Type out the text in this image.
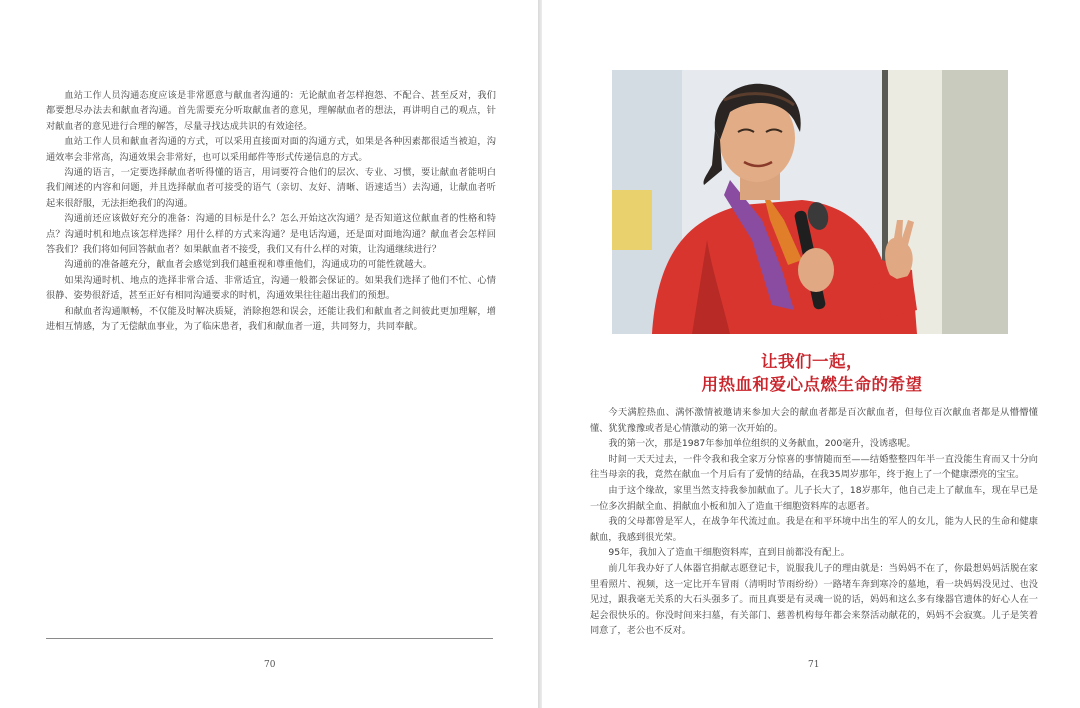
血站工作人员沟通态度应该是非常愿意与献血者沟通的：无论献血者怎样抱怨、不配合、甚至反对，我们都要想尽办法去和献血者沟通。首先需要充分听取献血者的意见，理解献血者的想法，再讲明自己的观点，针对献血者的意见进行合理的解答，尽量寻找达成共识的有效途径。

血站工作人员和献血者沟通的方式，可以采用直接面对面的沟通方式，如果是各种因素都很适当被迫，沟通效率会非常高，沟通效果会非常好，也可以采用邮件等形式传递信息的方式。

沟通的语言，一定要选择献血者听得懂的语言，用词要符合他们的层次、专业、习惯，要让献血者能明白我们阐述的内容和问题，并且选择献血者可接受的语气（亲切、友好、清晰、语速适当）去沟通，让献血者听起来很舒服，无法拒绝我们的沟通。

沟通前还应该做好充分的准备：沟通的目标是什么？怎么开始这次沟通？是否知道这位献血者的性格和特点？沟通时机和地点该怎样选择？用什么样的方式来沟通？是电话沟通，还是面对面地沟通？献血者会怎样回答我们？我们将如何回答献血者？如果献血者不接受，我们又有什么样的对策，让沟通继续进行？

沟通前的准备越充分，献血者会感觉到我们越重视和尊重他们，沟通成功的可能性就越大。

如果沟通时机、地点的选择非常合适、非常适宜，沟通一般都会保证的。如果我们选择了他们不忙、心情很静、姿势很舒适，甚至正好有相同沟通要求的时机，沟通效果往往超出我们的预想。

和献血者沟通顺畅，不仅能及时解决质疑，消除抱怨和误会，还能让我们和献血者之间彼此更加理解，增进相互情感，为了无偿献血事业，为了临床患者，我们和献血者一道，共同努力，共同奉献。

70
让我们一起，
用热血和爱心点燃生命的希望

今天满腔热血、满怀激情被邀请来参加大会的献血者都是百次献血者，但每位百次献血者都是从懵懵懂懂、犹犹豫豫或者是心情激动的第一次开始的。

我的第一次，那是1987年参加单位组织的义务献血，200毫升，没诱惑呢。

时间一天天过去，一件令我和我全家万分惊喜的事情随而至——结婚整整四年半一直没能生育而又十分向往当母亲的我，竟然在献血一个月后有了爱情的结晶，在我35周岁那年，终于抱上了一个健康漂亮的宝宝。

由于这个缘故，家里当然支持我参加献血了。儿子长大了，18岁那年，他自己走上了献血车，现在早已是一位多次捐献全血、捐献血小板和加入了造血干细胞资料库的志愿者。

我的父母都曾是军人，在战争年代流过血。我是在和平环境中出生的军人的女儿，能为人民的生命和健康献血，我感到很光荣。

95年，我加入了造血干细胞资料库，直到目前都没有配上。

前几年我办好了人体器官捐献志愿登记卡，说服我儿子的理由就是：当妈妈不在了，你最想妈妈活脱在家里看照片、视频，这一定比开车冒雨（清明时节雨纷纷）一路堵车奔到寒冷的墓地，看一块妈妈没见过、也没见过，跟我毫无关系的大石头强多了。而且真要是有灵魂一说的话，妈妈和这么多有缘器官遗体的好心人在一起会很快乐的。你没时间来扫墓，有关部门、慈善机构每年都会来祭活动献花的，妈妈不会寂寞。儿子是笑着同意了，老公也不反对。

71
